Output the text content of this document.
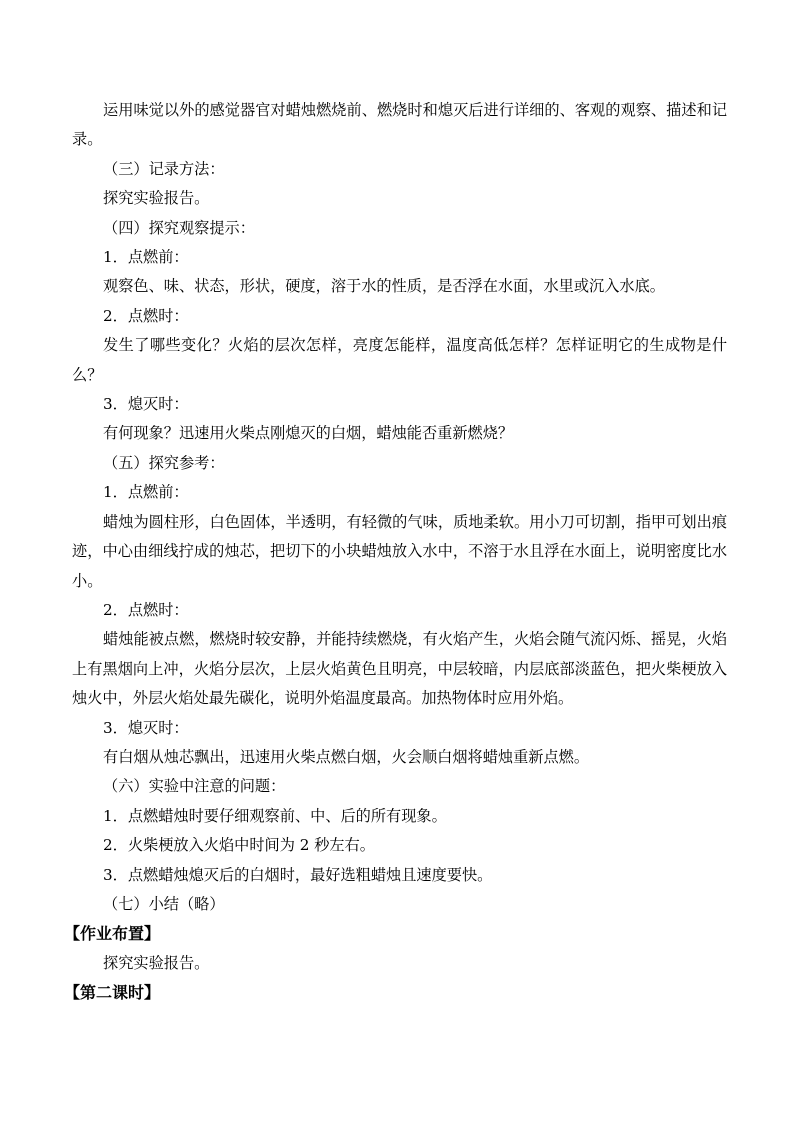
运用味觉以外的感觉器官对蜡烛燃烧前、燃烧时和熄灭后进行详细的、客观的观察、描述和记录。

（三）记录方法：

探究实验报告。

（四）探究观察提示：

1．点燃前：

观察色、味、状态，形状，硬度，溶于水的性质，是否浮在水面，水里或沉入水底。

2．点燃时：

发生了哪些变化？火焰的层次怎样，亮度怎能样，温度高低怎样？怎样证明它的生成物是什么？

3．熄灭时：

有何现象？迅速用火柴点刚熄灭的白烟，蜡烛能否重新燃烧？

（五）探究参考：

1．点燃前：

蜡烛为圆柱形，白色固体，半透明，有轻微的气味，质地柔软。用小刀可切割，指甲可划出痕迹，中心由细线拧成的烛芯，把切下的小块蜡烛放入水中，不溶于水且浮在水面上，说明密度比水小。

2．点燃时：

蜡烛能被点燃，燃烧时较安静，并能持续燃烧，有火焰产生，火焰会随气流闪烁、摇晃，火焰上有黑烟向上冲，火焰分层次，上层火焰黄色且明亮，中层较暗，内层底部淡蓝色，把火柴梗放入烛火中，外层火焰处最先碳化，说明外焰温度最高。加热物体时应用外焰。

3．熄灭时：

有白烟从烛芯飘出，迅速用火柴点燃白烟，火会顺白烟将蜡烛重新点燃。

（六）实验中注意的问题：

1．点燃蜡烛时要仔细观察前、中、后的所有现象。

2．火柴梗放入火焰中时间为 2 秒左右。

3．点燃蜡烛熄灭后的白烟时，最好选粗蜡烛且速度要快。

（七）小结（略）

【作业布置】

探究实验报告。

【第二课时】
